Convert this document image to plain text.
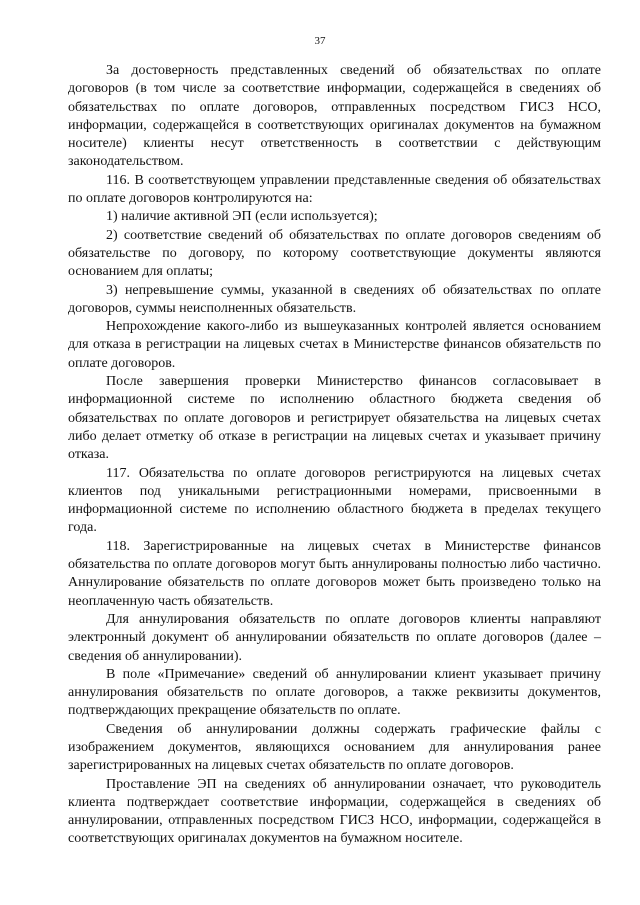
37

За достоверность представленных сведений об обязательствах по оплате договоров (в том числе за соответствие информации, содержащейся в сведениях об обязательствах по оплате договоров, отправленных посредством ГИСЗ НСО, информации, содержащейся в соответствующих оригиналах документов на бумажном носителе) клиенты несут ответственность в соответствии с действующим законодательством.

116. В соответствующем управлении представленные сведения об обязательствах по оплате договоров контролируются на:

1) наличие активной ЭП (если используется);

2) соответствие сведений об обязательствах по оплате договоров сведениям об обязательстве по договору, по которому соответствующие документы являются основанием для оплаты;

3) непревышение суммы, указанной в сведениях об обязательствах по оплате договоров, суммы неисполненных обязательств.

Непрохождение какого-либо из вышеуказанных контролей является основанием для отказа в регистрации на лицевых счетах в Министерстве финансов обязательств по оплате договоров.

После завершения проверки Министерство финансов согласовывает в информационной системе по исполнению областного бюджета сведения об обязательствах по оплате договоров и регистрирует обязательства на лицевых счетах либо делает отметку об отказе в регистрации на лицевых счетах и указывает причину отказа.

117. Обязательства по оплате договоров регистрируются на лицевых счетах клиентов под уникальными регистрационными номерами, присвоенными в информационной системе по исполнению областного бюджета в пределах текущего года.

118. Зарегистрированные на лицевых счетах в Министерстве финансов обязательства по оплате договоров могут быть аннулированы полностью либо частично. Аннулирование обязательств по оплате договоров может быть произведено только на неоплаченную часть обязательств.

Для аннулирования обязательств по оплате договоров клиенты направляют электронный документ об аннулировании обязательств по оплате договоров (далее – сведения об аннулировании).

В поле «Примечание» сведений об аннулировании клиент указывает причину аннулирования обязательств по оплате договоров, а также реквизиты документов, подтверждающих прекращение обязательств по оплате.

Сведения об аннулировании должны содержать графические файлы с изображением документов, являющихся основанием для аннулирования ранее зарегистрированных на лицевых счетах обязательств по оплате договоров.

Проставление ЭП на сведениях об аннулировании означает, что руководитель клиента подтверждает соответствие информации, содержащейся в сведениях об аннулировании, отправленных посредством ГИСЗ НСО, информации, содержащейся в соответствующих оригиналах документов на бумажном носителе.
